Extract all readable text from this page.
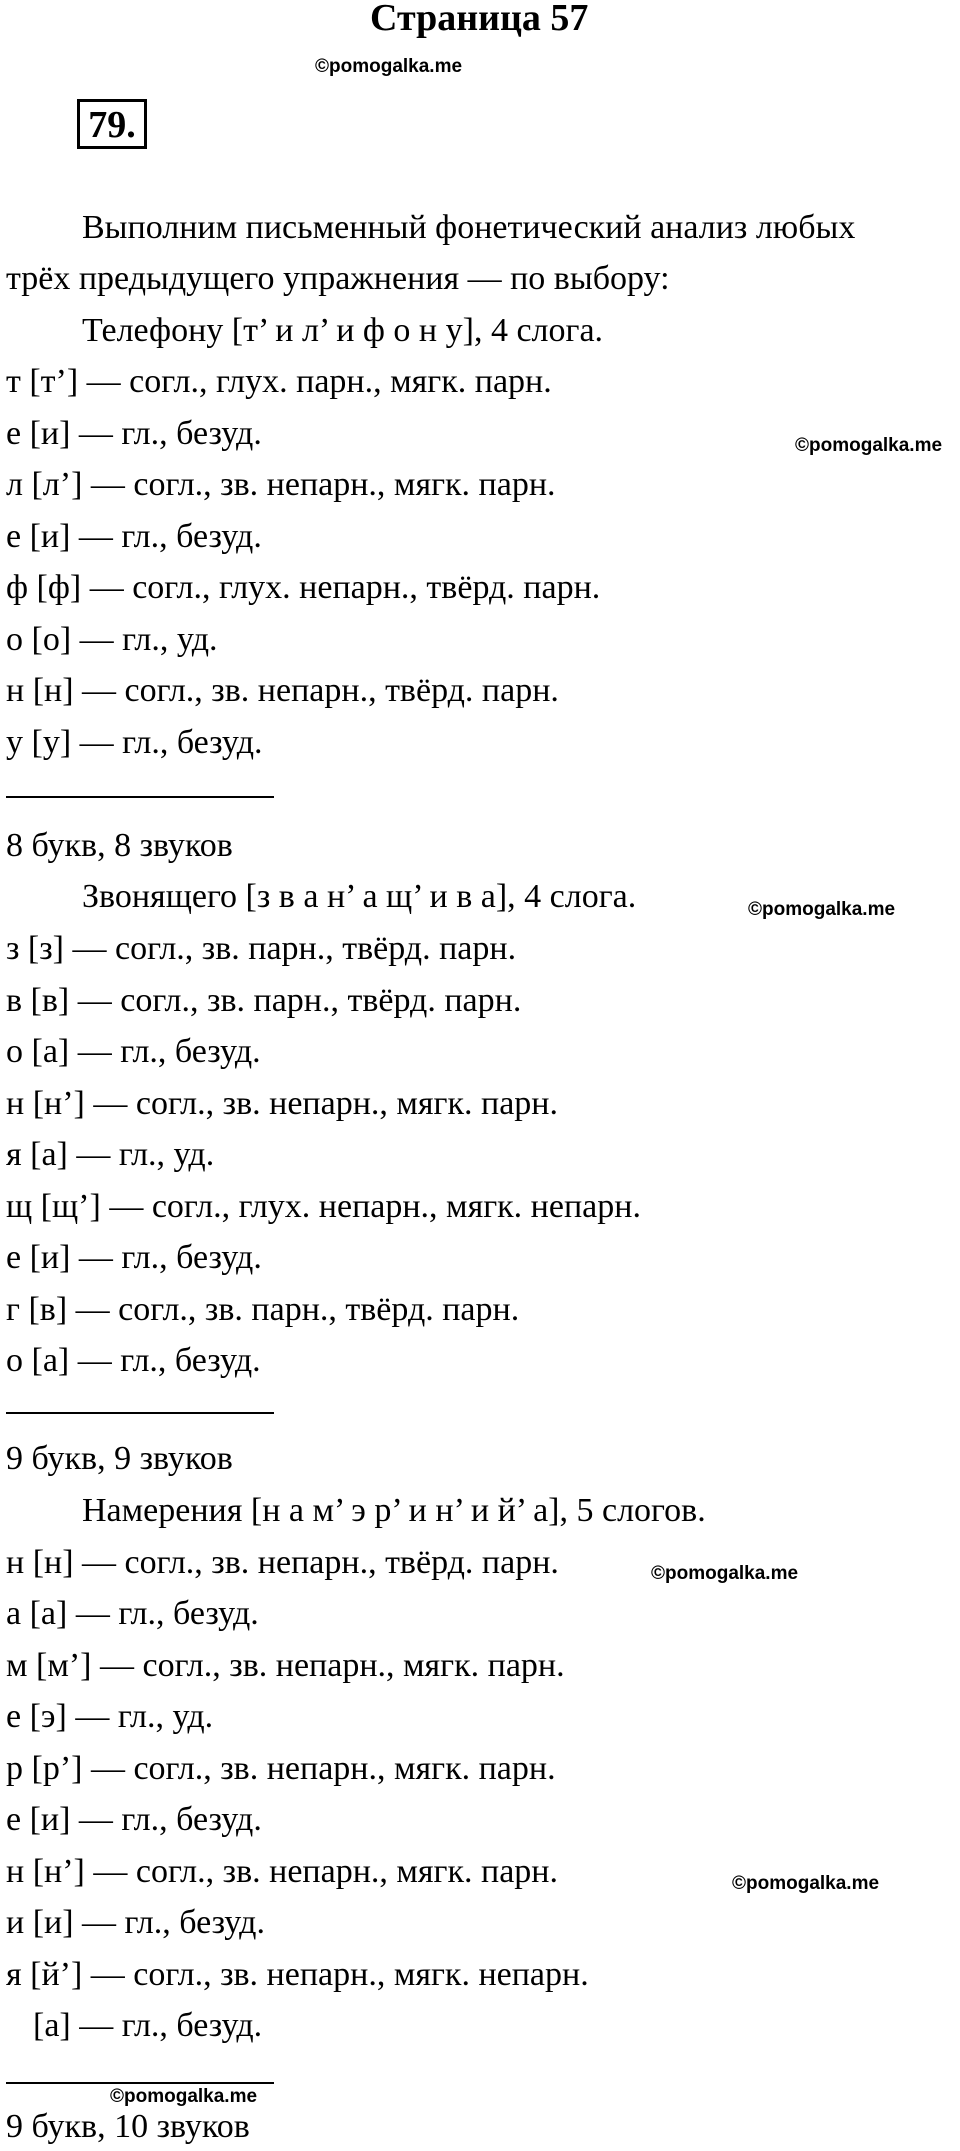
Страница 57
©pomogalka.me
79.
Выполним письменный фонетический анализ любых
трёх предыдущего упражнения — по выбору:
Телефону [т’ и л’ и ф о н у], 4 слога.
т [т’] — согл., глух. парн., мягк. парн.
е [и] — гл., безуд.	©pomogalka.me
л [л’] — согл., зв. непарн., мягк. парн.
е [и] — гл., безуд.
ф [ф] — согл., глух. непарн., твёрд. парн.
о [о] — гл., уд.
н [н] — согл., зв. непарн., твёрд. парн.
у [у] — гл., безуд.
8 букв, 8 звуков
Звонящего [з в а н’ а щ’ и в а], 4 слога.	©pomogalka.me
з [з] — согл., зв. парн., твёрд. парн.
в [в] — согл., зв. парн., твёрд. парн.
о [а] — гл., безуд.
н [н’] — согл., зв. непарн., мягк. парн.
я [а] — гл., уд.
щ [щ’] — согл., глух. непарн., мягк. непарн.
е [и] — гл., безуд.
г [в] — согл., зв. парн., твёрд. парн.
о [а] — гл., безуд.
9 букв, 9 звуков
Намерения [н а м’ э р’ и н’ и й’ а], 5 слогов.
н [н] — согл., зв. непарн., твёрд. парн.	©pomogalka.me
а [а] — гл., безуд.
м [м’] — согл., зв. непарн., мягк. парн.
е [э] — гл., уд.
р [р’] — согл., зв. непарн., мягк. парн.
е [и] — гл., безуд.
н [н’] — согл., зв. непарн., мягк. парн.	©pomogalka.me
и [и] — гл., безуд.
я [й’] — согл., зв. непарн., мягк. непарн.
[а] — гл., безуд.
©pomogalka.me
9 букв, 10 звуков
